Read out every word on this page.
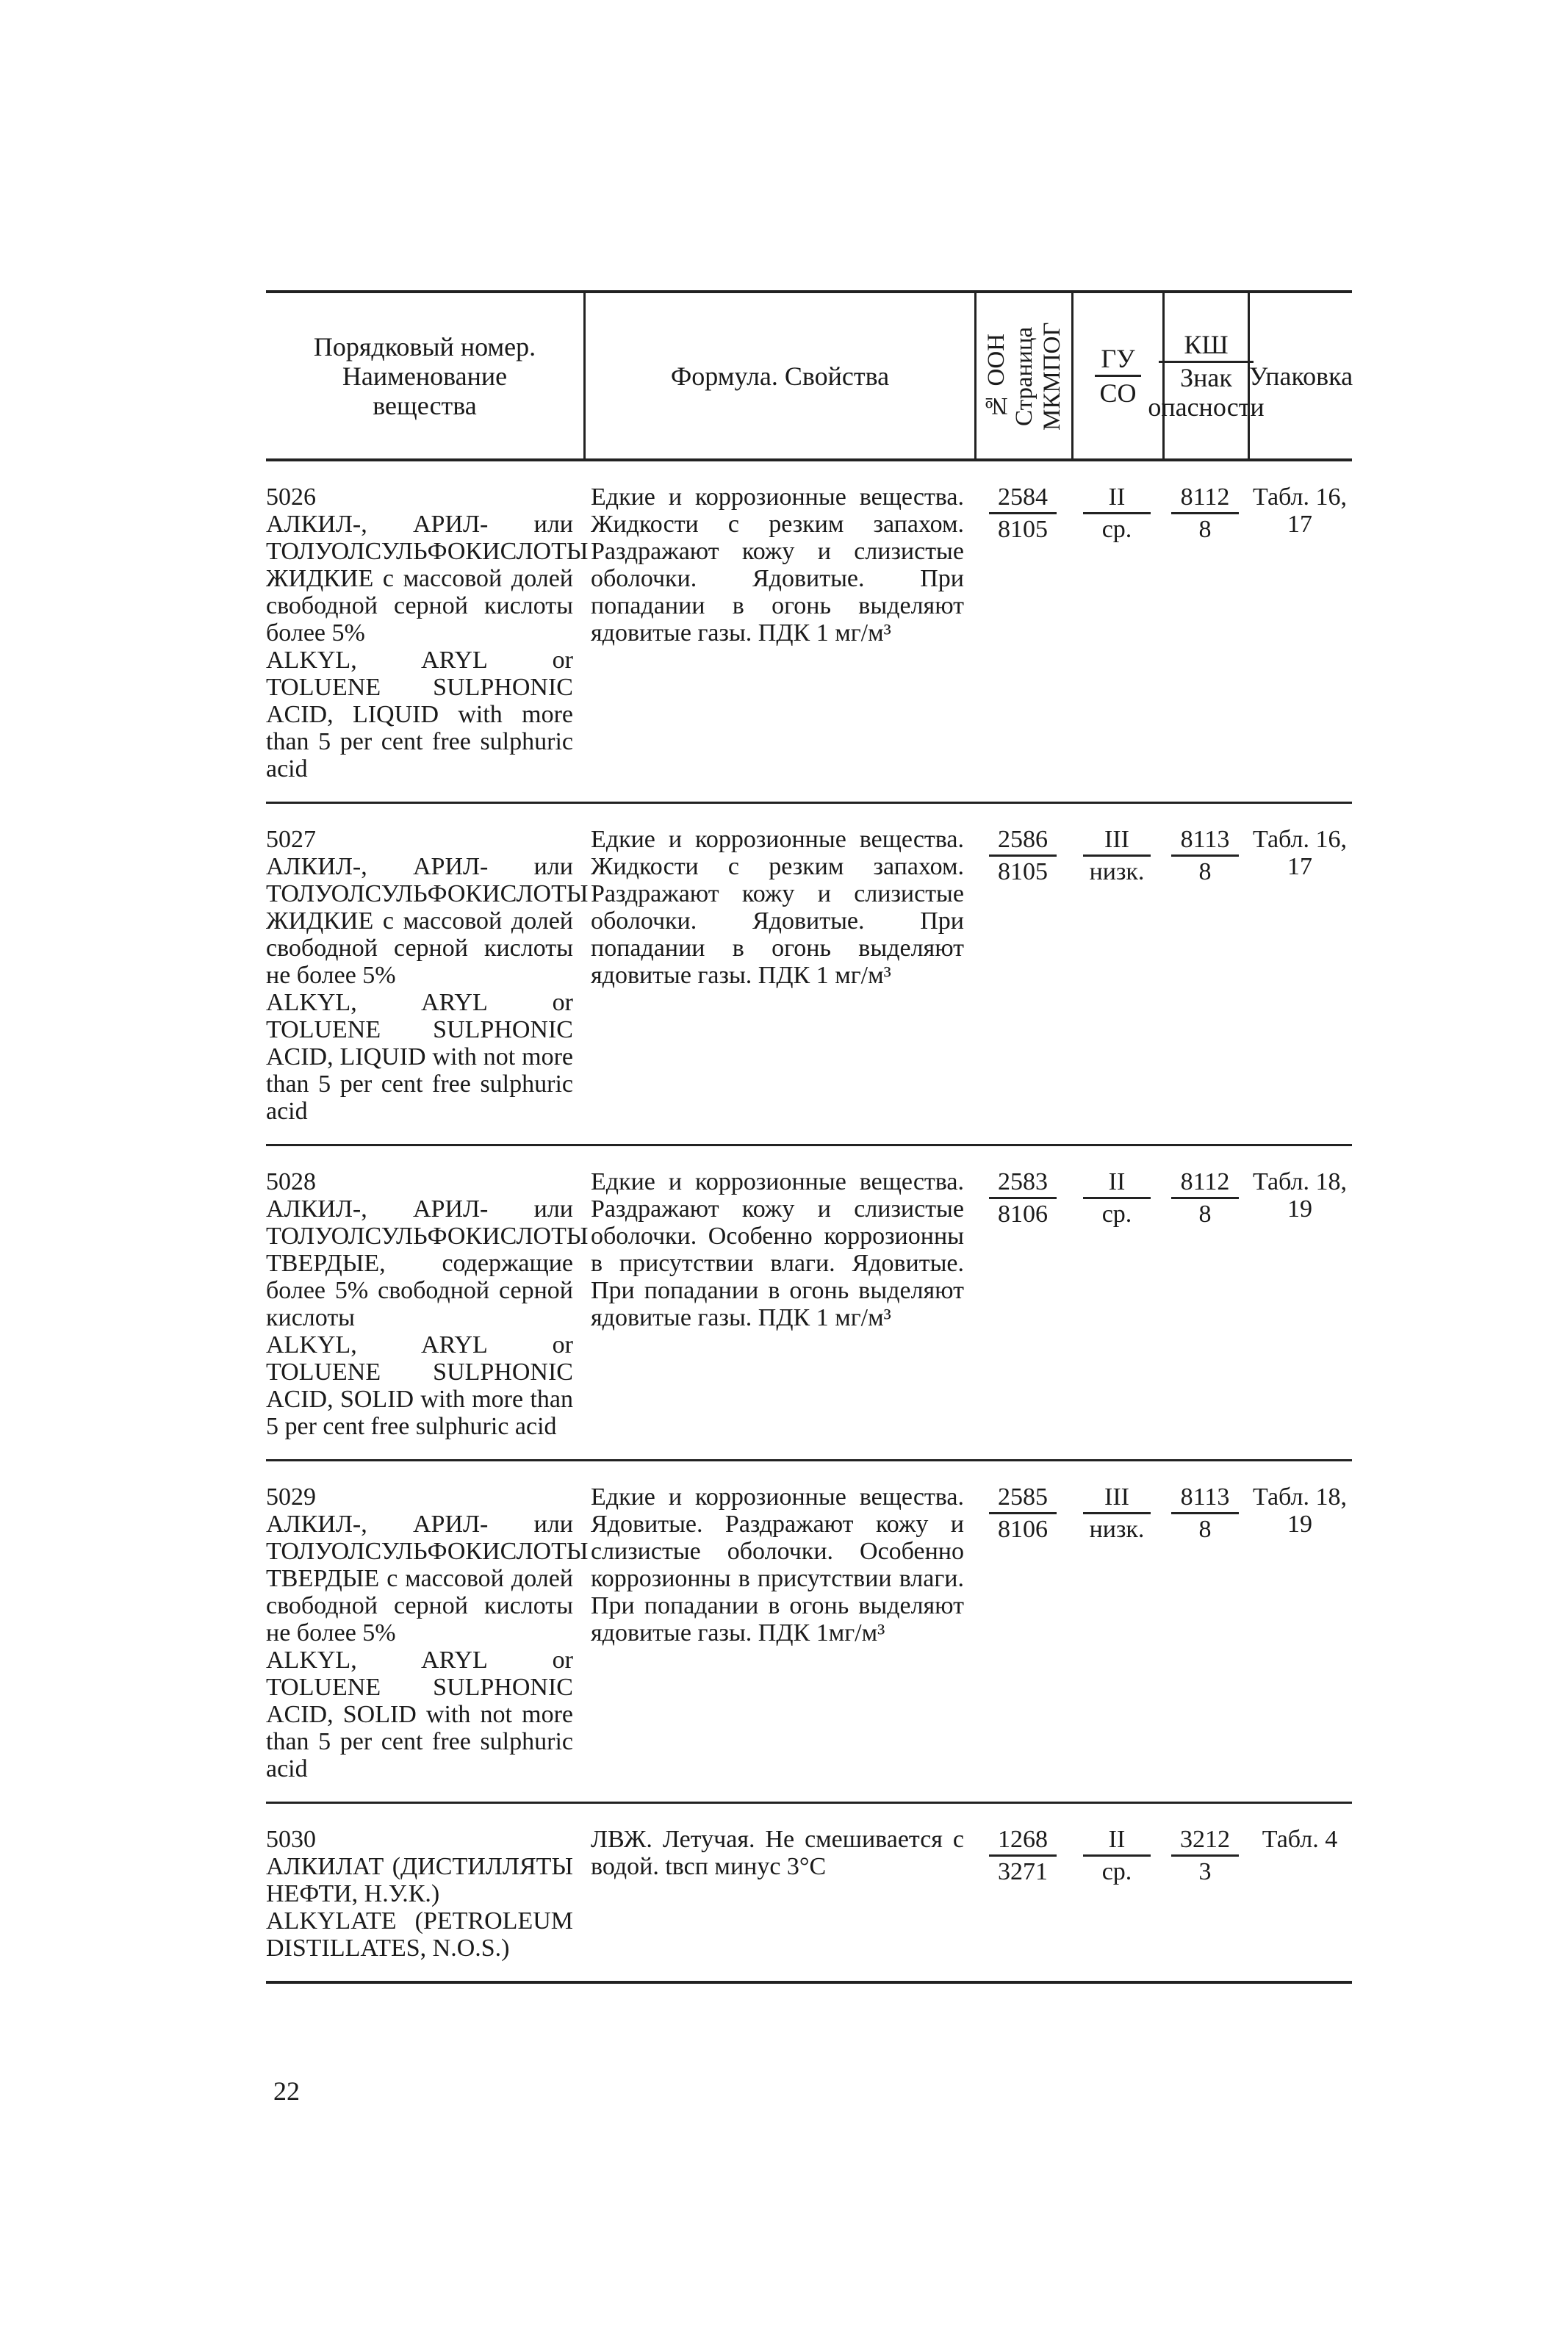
Порядковый номер. Наименование вещества
Формула. Свойства	№ ООН Страница МКМПОГ $\frac{ГУ}{СО} \frac{КШ}{\text{Знак опасности}}$ Упаковка
5026
АЛКИЛ-, АРИЛ- или ТОЛУОЛСУЛЬФОКИСЛОТЫ ЖИДКИЕ с массовой долей свободной серной кислоты более 5%
ALKYL, ARYL or TOLUENE SULPHONIC ACID, LIQUID with more than 5 per cent free sulphuric acid
Едкие и коррозионные вещества. Жидкости с резким запахом. Раздражают кожу и слизистые оболочки. Ядовитые. При попадании в огонь выделяют ядовитые газы. ПДК 1 мг/м³
2584
8105
II
ср.
8112
8
Табл. 16, 17
5027
АЛКИЛ-, АРИЛ- или ТОЛУОЛСУЛЬФОКИСЛОТЫ ЖИДКИЕ с массовой долей свободной серной кислоты не более 5%
ALKYL, ARYL or TOLUENE SULPHONIC ACID, LIQUID with not more than 5 per cent free sulphuric acid
Едкие и коррозионные вещества. Жидкости с резким запахом. Раздражают кожу и слизистые оболочки. Ядовитые. При попадании в огонь выделяют ядовитые газы. ПДК 1 мг/м³
2586
8105
III
низк.
8113
8
Табл. 16, 17
5028
АЛКИЛ-, АРИЛ- или ТОЛУОЛСУЛЬФОКИСЛОТЫ ТВЕРДЫЕ, содержащие более 5% свободной серной кислоты
ALKYL, ARYL or TOLUENE SULPHONIC ACID, SOLID with more than 5 per cent free sulphuric acid
Едкие и коррозионные вещества. Раздражают кожу и слизистые оболочки. Особенно коррозионны в присутствии влаги. Ядовитые. При попадании в огонь выделяют ядовитые газы. ПДК 1 мг/м³
2583
8106
II
ср.
8112
8
Табл. 18, 19
5029
АЛКИЛ-, АРИЛ- или ТОЛУОЛСУЛЬФОКИСЛОТЫ ТВЕРДЫЕ с массовой долей свободной серной кислоты не более 5%
ALKYL, ARYL or TOLUENE SULPHONIC ACID, SOLID with not more than 5 per cent free sulphuric acid
Едкие и коррозионные вещества. Ядовитые. Раздражают кожу и слизистые оболочки. Особенно коррозионны в присутствии влаги. При попадании в огонь выделяют ядовитые газы. ПДК 1мг/м³
2585
8106
III
низк.
8113
8
Табл. 18, 19
5030
АЛКИЛАТ (ДИСТИЛЛЯТЫ НЕФТИ, Н.У.К.)
ALKYLATE (PETROLEUM DISTILLATES, N.O.S.)
ЛВЖ. Летучая. Не смешивается с водой. tвсп минус 3°С
1268
3271
II
ср.
3212
3
Табл. 4
22
